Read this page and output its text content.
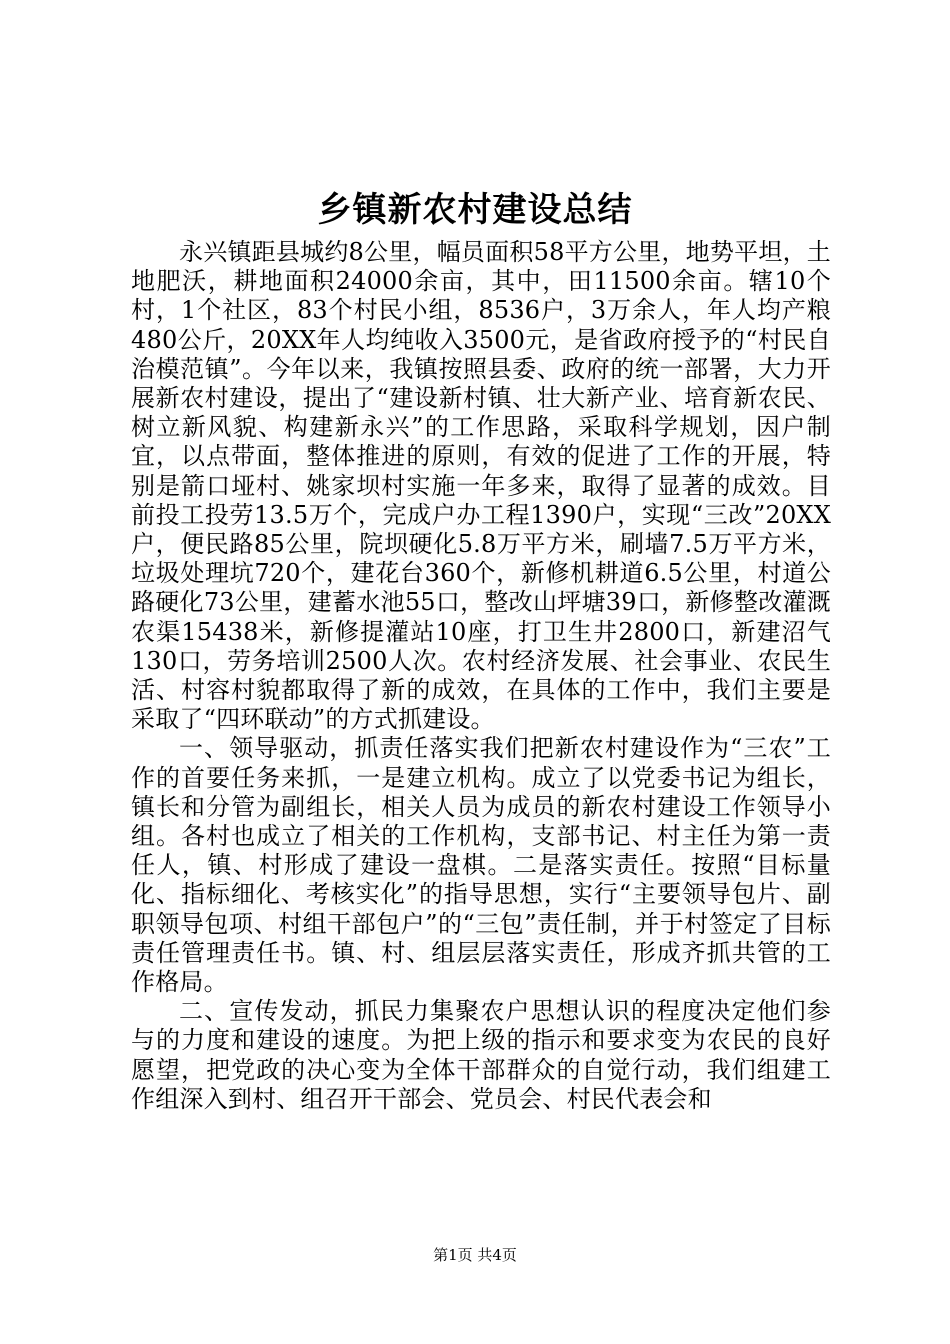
乡镇新农村建设总结

永兴镇距县城约8公里，幅员面积58平方公里，地势平坦，土地肥沃，耕地面积24000余亩，其中，田11500余亩。辖10个村，1个社区，83个村民小组，8536户，3万余人，年人均产粮480公斤，20XX年人均纯收入3500元，是省政府授予的“村民自治模范镇”。今年以来，我镇按照县委、政府的统一部署，大力开展新农村建设，提出了“建设新村镇、壮大新产业、培育新农民、树立新风貌、构建新永兴”的工作思路，采取科学规划，因户制宜，以点带面，整体推进的原则，有效的促进了工作的开展，特别是箭口垭村、姚家坝村实施一年多来，取得了显著的成效。目前投工投劳13.5万个，完成户办工程1390户，实现“三改”20XX户，便民路85公里，院坝硬化5.8万平方米，刷墙7.5万平方米，垃圾处理坑720个，建花台360个，新修机耕道6.5公里，村道公路硬化73公里，建蓄水池55口，整改山坪塘39口，新修整改灌溉农渠15438米，新修提灌站10座，打卫生井2800口，新建沼气130口，劳务培训2500人次。农村经济发展、社会事业、农民生活、村容村貌都取得了新的成效，在具体的工作中，我们主要是采取了“四环联动”的方式抓建设。

一、领导驱动，抓责任落实我们把新农村建设作为“三农”工作的首要任务来抓，一是建立机构。成立了以党委书记为组长，镇长和分管为副组长，相关人员为成员的新农村建设工作领导小组。各村也成立了相关的工作机构，支部书记、村主任为第一责任人，镇、村形成了建设一盘棋。二是落实责任。按照“目标量化、指标细化、考核实化”的指导思想，实行“主要领导包片、副职领导包项、村组干部包户”的“三包”责任制，并于村签定了目标责任管理责任书。镇、村、组层层落实责任，形成齐抓共管的工作格局。

二、宣传发动，抓民力集聚农户思想认识的程度决定他们参与的力度和建设的速度。为把上级的指示和要求变为农民的良好愿望，把党政的决心变为全体干部群众的自觉行动，我们组建工作组深入到村、组召开干部会、党员会、村民代表会和

第1页 共4页
